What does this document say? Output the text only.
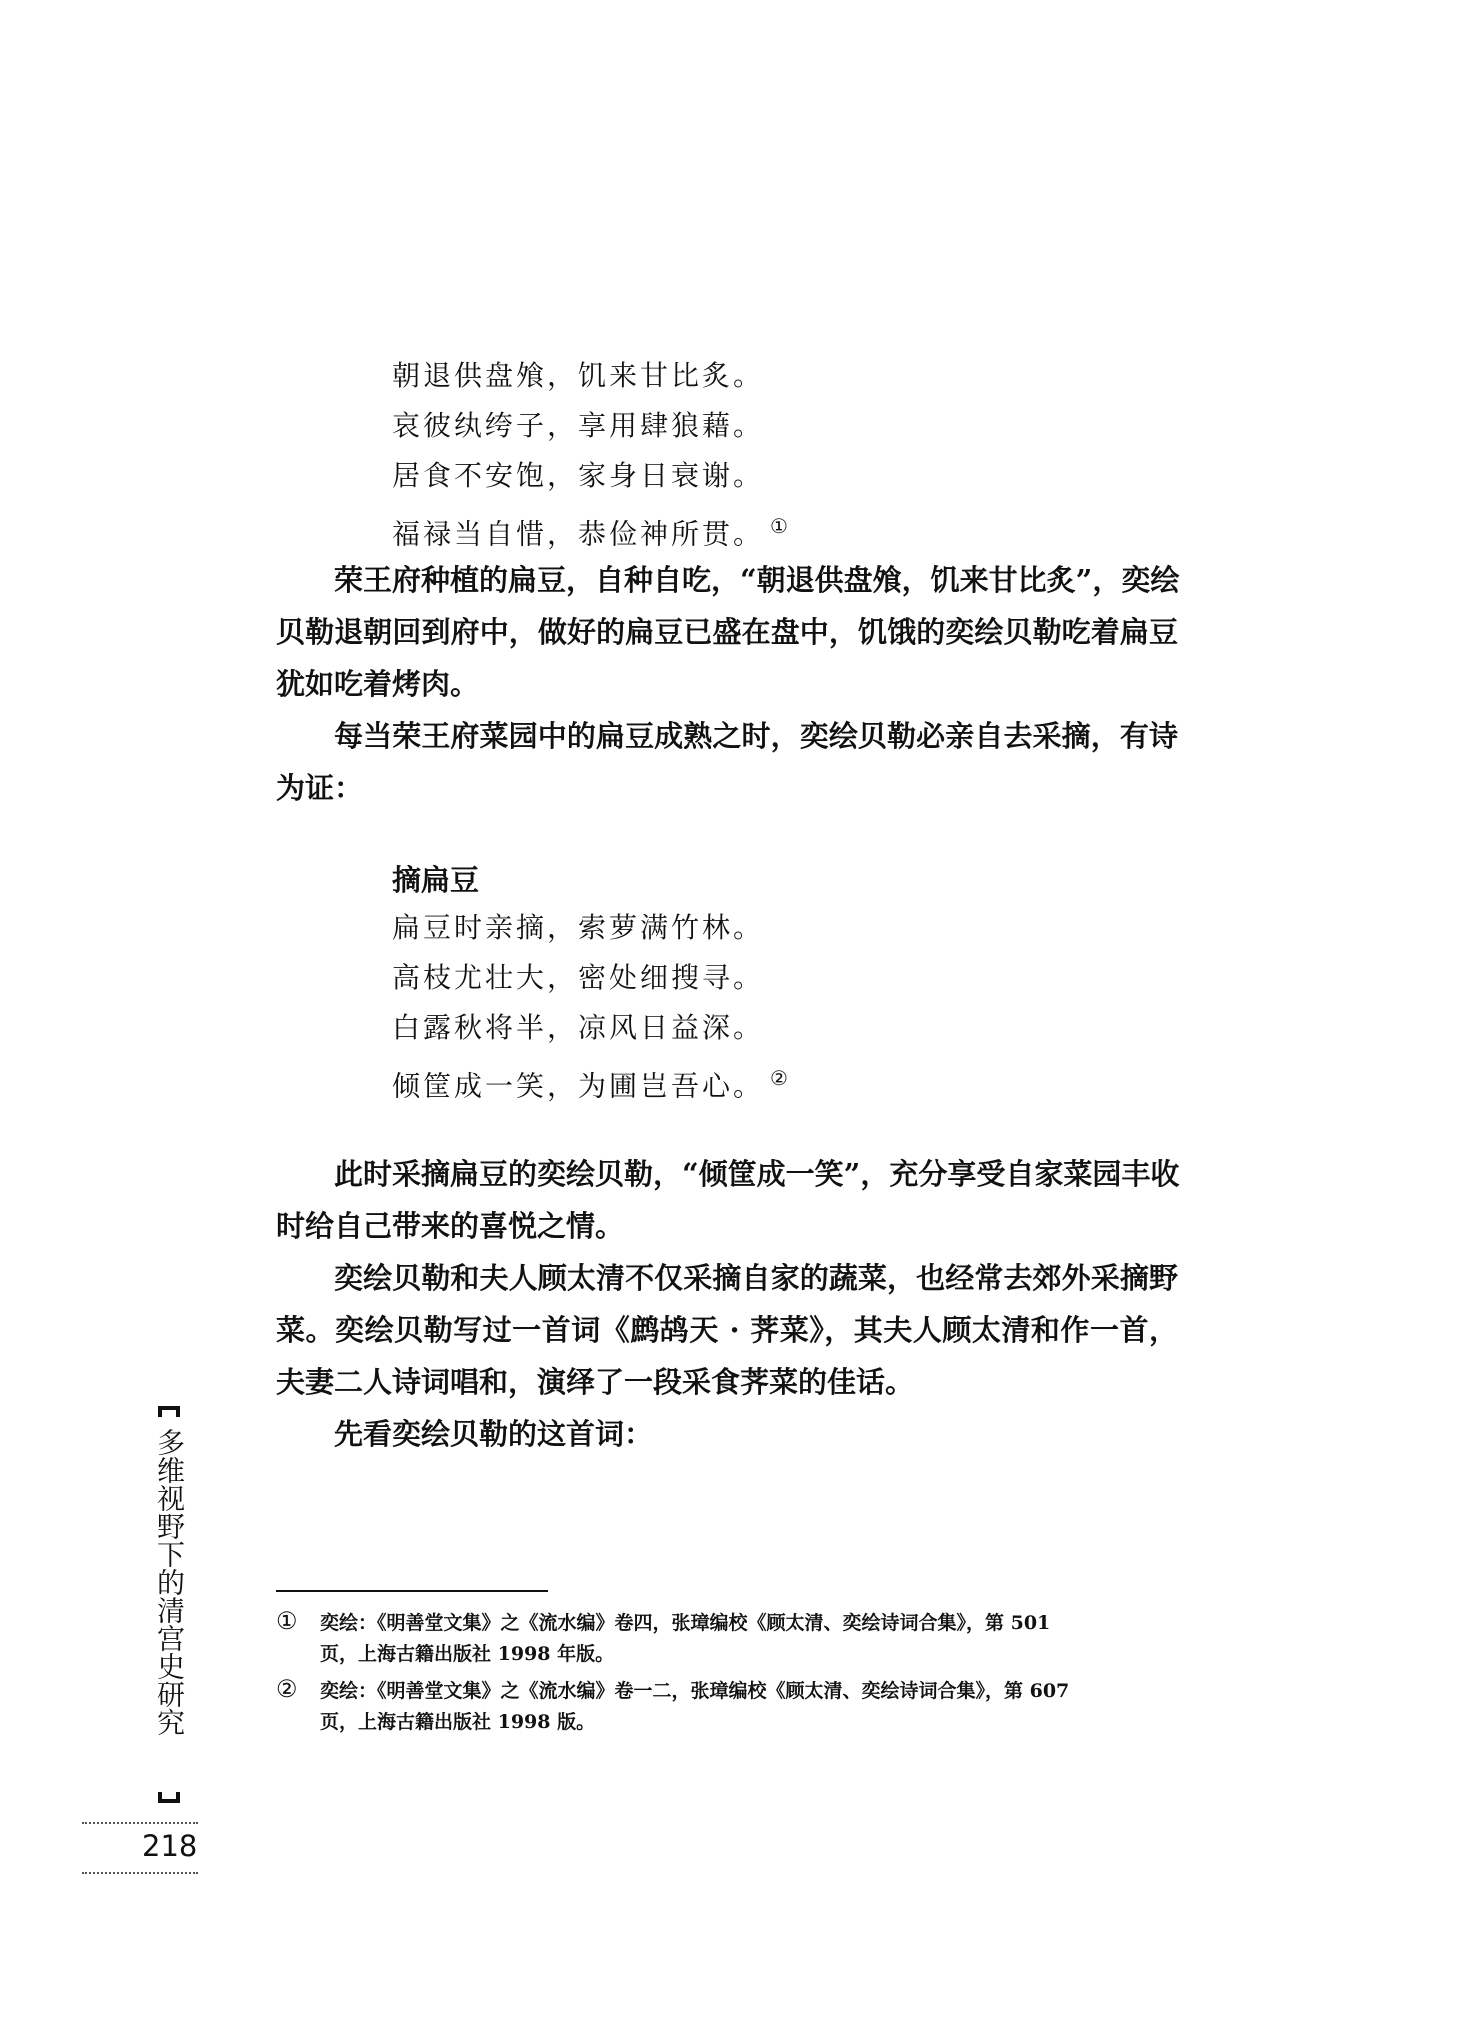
朝退供盘飧，饥来甘比炙。
哀彼纨绔子，享用肆狼藉。
居食不安饱，家身日衰谢。
福禄当自惜，恭俭神所贯。 ①
荣王府种植的扁豆，自种自吃，“朝退供盘飧，饥来甘比炙”，奕绘
贝勒退朝回到府中，做好的扁豆已盛在盘中，饥饿的奕绘贝勒吃着扁豆
犹如吃着烤肉。
每当荣王府菜园中的扁豆成熟之时，奕绘贝勒必亲自去采摘，有诗
为证：
摘扁豆
扁豆时亲摘，索萝满竹林。
高枝尤壮大，密处细搜寻。
白露秋将半，凉风日益深。
倾筐成一笑，为圃岂吾心。 ②
此时采摘扁豆的奕绘贝勒，“倾筐成一笑”，充分享受自家菜园丰收
时给自己带来的喜悦之情。
奕绘贝勒和夫人顾太清不仅采摘自家的蔬菜，也经常去郊外采摘野
菜。奕绘贝勒写过一首词《鹧鸪天 · 荠菜》，其夫人顾太清和作一首，
夫妻二人诗词唱和，演绎了一段采食荠菜的佳话。
先看奕绘贝勒的这首词：
① 奕绘：《明善堂文集》之《流水编》卷四，张璋编校《顾太清、奕绘诗词合集》，第 501
页，上海古籍出版社 1998 年版。
② 奕绘：《明善堂文集》之《流水编》卷一二，张璋编校《顾太清、奕绘诗词合集》，第 607
页，上海古籍出版社 1998 版。
多维视野下的清宫史研究
218
